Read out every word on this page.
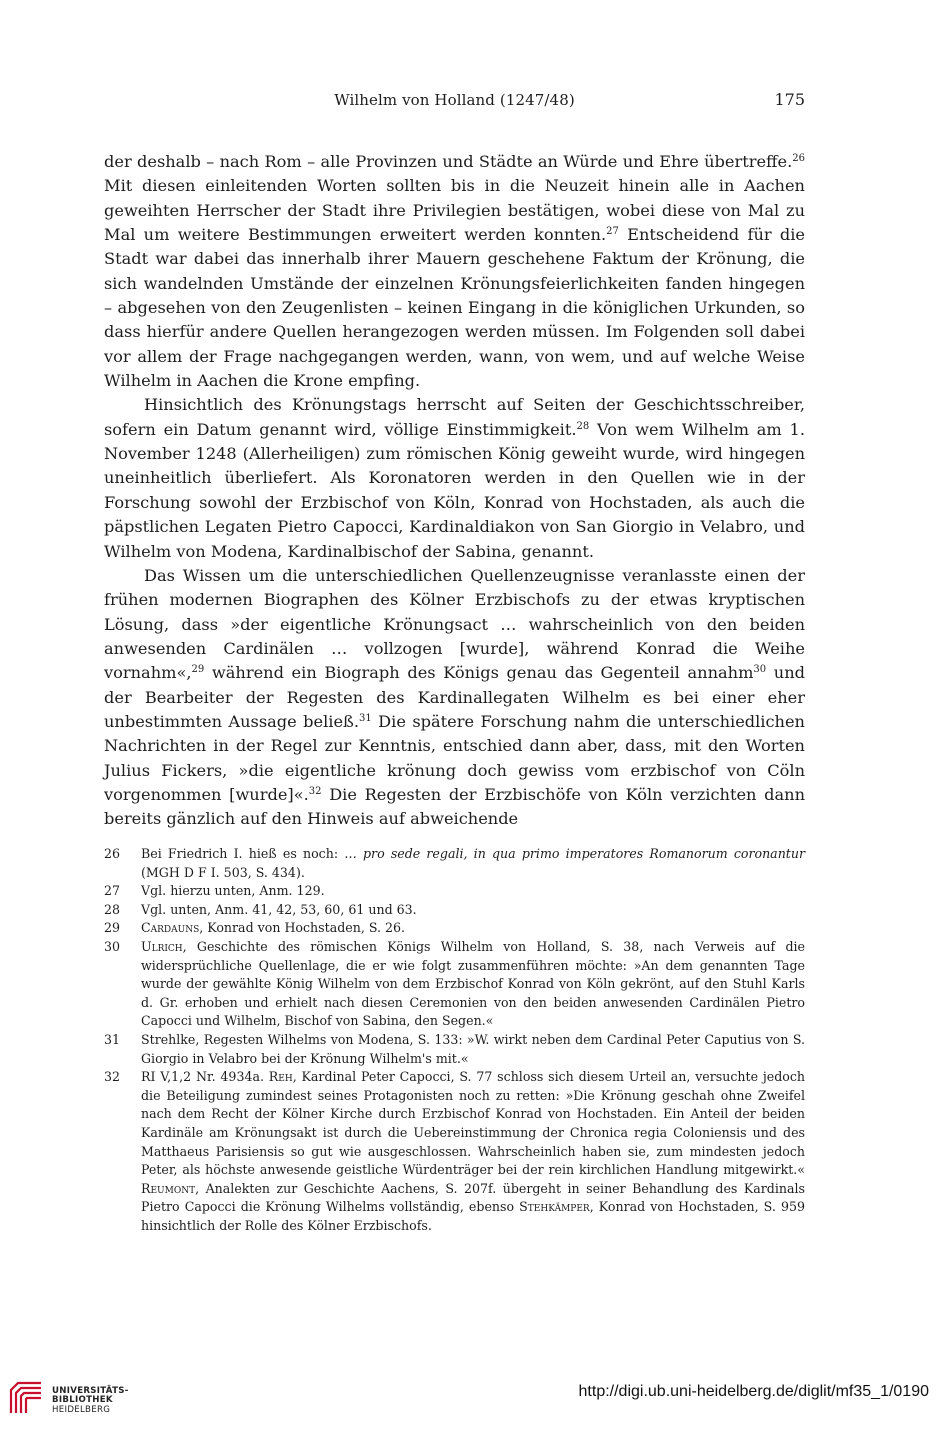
Wilhelm von Holland (1247/48)	175

der deshalb – nach Rom – alle Provinzen und Städte an Würde und Ehre übertreffe.$^{26}$ Mit diesen einleitenden Worten sollten bis in die Neuzeit hinein alle in Aachen geweihten Herrscher der Stadt ihre Privilegien bestätigen, wobei diese von Mal zu Mal um weitere Bestimmungen erweitert werden konnten.$^{27}$ Entscheidend für die Stadt war dabei das innerhalb ihrer Mauern geschehene Faktum der Krönung, die sich wandelnden Umstände der einzelnen Krönungsfeierlichkeiten fanden hingegen – abgesehen von den Zeugenlisten – keinen Eingang in die königlichen Urkunden, so dass hierfür andere Quellen herangezogen werden müssen. Im Folgenden soll dabei vor allem der Frage nachgegangen werden, wann, von wem, und auf welche Weise Wilhelm in Aachen die Krone empfing.

Hinsichtlich des Krönungstags herrscht auf Seiten der Geschichtsschreiber, sofern ein Datum genannt wird, völlige Einstimmigkeit.$^{28}$ Von wem Wilhelm am 1. November 1248 (Allerheiligen) zum römischen König geweiht wurde, wird hingegen uneinheitlich überliefert. Als Koronatoren werden in den Quellen wie in der Forschung sowohl der Erzbischof von Köln, Konrad von Hochstaden, als auch die päpstlichen Legaten Pietro Capocci, Kardinaldiakon von San Giorgio in Velabro, und Wilhelm von Modena, Kardinalbischof der Sabina, genannt.

Das Wissen um die unterschiedlichen Quellenzeugnisse veranlasste einen der frühen modernen Biographen des Kölner Erzbischofs zu der etwas kryptischen Lösung, dass »der eigentliche Krönungsact … wahrscheinlich von den beiden anwesenden Cardinälen … vollzogen [wurde], während Konrad die Weihe vornahm«,$^{29}$ während ein Biograph des Königs genau das Gegenteil annahm$^{30}$ und der Bearbeiter der Regesten des Kardinallegaten Wilhelm es bei einer eher unbestimmten Aussage beließ.$^{31}$ Die spätere Forschung nahm die unterschiedlichen Nachrichten in der Regel zur Kenntnis, entschied dann aber, dass, mit den Worten Julius Fickers, »die eigentliche krönung doch gewiss vom erzbischof von Cöln vorgenommen [wurde]«.$^{32}$ Die Regesten der Erzbischöfe von Köln verzichten dann bereits gänzlich auf den Hinweis auf abweichende

26	Bei Friedrich I. hieß es noch: … pro sede regali, in qua primo imperatores Romanorum coronantur (MGH D F I. 503, S. 434).
27	Vgl. hierzu unten, Anm. 129.
28	Vgl. unten, Anm. 41, 42, 53, 60, 61 und 63.
29	Cardauns, Konrad von Hochstaden, S. 26.
30	Ulrich, Geschichte des römischen Königs Wilhelm von Holland, S. 38, nach Verweis auf die widersprüchliche Quellenlage, die er wie folgt zusammenführen möchte: »An dem genannten Tage wurde der gewählte König Wilhelm von dem Erzbischof Konrad von Köln gekrönt, auf den Stuhl Karls d. Gr. erhoben und erhielt nach diesen Ceremonien von den beiden anwesenden Cardinälen Pietro Capocci und Wilhelm, Bischof von Sabina, den Segen.«
31	Strehlke, Regesten Wilhelms von Modena, S. 133: »W. wirkt neben dem Cardinal Peter Caputius von S. Giorgio in Velabro bei der Krönung Wilhelm's mit.«
32	RI V,1,2 Nr. 4934a. Reh, Kardinal Peter Capocci, S. 77 schloss sich diesem Urteil an, versuchte jedoch die Beteiligung zumindest seines Protagonisten noch zu retten: »Die Krönung geschah ohne Zweifel nach dem Recht der Kölner Kirche durch Erzbischof Konrad von Hochstaden. Ein Anteil der beiden Kardinäle am Krönungsakt ist durch die Uebereinstimmung der Chronica regia Coloniensis und des Matthaeus Parisiensis so gut wie ausgeschlossen. Wahrscheinlich haben sie, zum mindesten jedoch Peter, als höchste anwesende geistliche Würdenträger bei der rein kirchlichen Handlung mitgewirkt.« Reumont, Analekten zur Geschichte Aachens, S. 207f. übergeht in seiner Behandlung des Kardinals Pietro Capocci die Krönung Wilhelms vollständig, ebenso Stehkämper, Konrad von Hochstaden, S. 959 hinsichtlich der Rolle des Kölner Erzbischofs.
UNIVERSITÄTS-
BIBLIOTHEK
HEIDELBERG
http://digi.ub.uni-heidelberg.de/diglit/mf35_1/0190
